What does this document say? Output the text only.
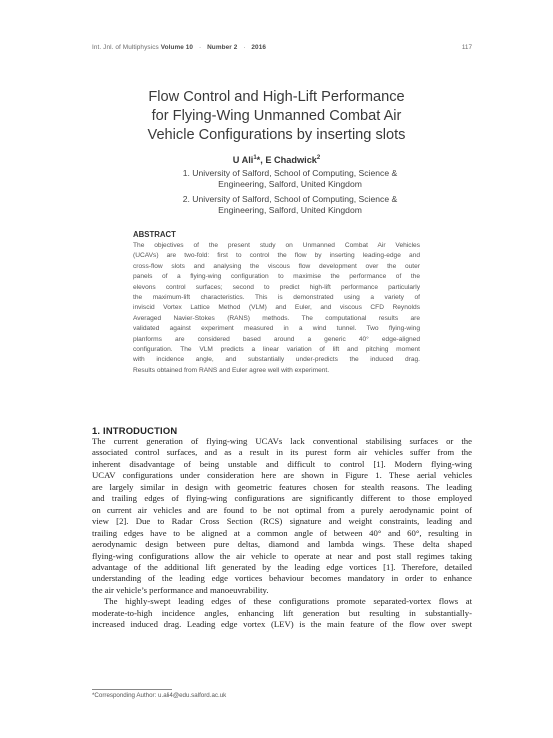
Int. Jnl. of Multiphysics Volume 10 · Number 2 · 2016	117
Flow Control and High-Lift Performance
for Flying-Wing Unmanned Combat Air
Vehicle Configurations by inserting slots
U Ali$^1$*, E Chadwick$^2$
1. University of Salford, School of Computing, Science &
Engineering, Salford, United Kingdom
2. University of Salford, School of Computing, Science &
Engineering, Salford, United Kingdom
ABSTRACT
The objectives of the present study on Unmanned Combat Air Vehicles
(UCAVs) are two-fold: first to control the flow by inserting leading-edge and
cross-flow slots and analysing the viscous flow development over the outer
panels of a flying-wing configuration to maximise the performance of the
elevons control surfaces; second to predict high-lift performance particularly
the maximum-lift characteristics. This is demonstrated using a variety of
inviscid Vortex Lattice Method (VLM) and Euler, and viscous CFD Reynolds
Averaged Navier-Stokes (RANS) methods. The computational results are
validated against experiment measured in a wind tunnel. Two flying-wing
planforms are considered based around a generic 40° edge-aligned
configuration. The VLM predicts a linear variation of lift and pitching moment
with incidence angle, and substantially under-predicts the induced drag.
Results obtained from RANS and Euler agree well with experiment.
1. INTRODUCTION
The current generation of flying-wing UCAVs lack conventional stabilising surfaces or the
associated control surfaces, and as a result in its purest form air vehicles suffer from the
inherent disadvantage of being unstable and difficult to control [1]. Modern flying-wing
UCAV configurations under consideration here are shown in Figure 1. These aerial vehicles
are largely similar in design with geometric features chosen for stealth reasons. The leading
and trailing edges of flying-wing configurations are significantly different to those employed
on current air vehicles and are found to be not optimal from a purely aerodynamic point of
view [2]. Due to Radar Cross Section (RCS) signature and weight constraints, leading and
trailing edges have to be aligned at a common angle of between 40° and 60°, resulting in
aerodynamic design between pure deltas, diamond and lambda wings. These delta shaped
flying-wing configurations allow the air vehicle to operate at near and post stall regimes taking
advantage of the additional lift generated by the leading edge vortices [1]. Therefore, detailed
understanding of the leading edge vortices behaviour becomes mandatory in order to enhance
the air vehicle’s performance and manoeuvrability.
The highly-swept leading edges of these configurations promote separated-vortex flows at
moderate-to-high incidence angles, enhancing lift generation but resulting in substantially-
increased induced drag. Leading edge vortex (LEV) is the main feature of the flow over swept
*Corresponding Author: u.ali4@edu.salford.ac.uk
